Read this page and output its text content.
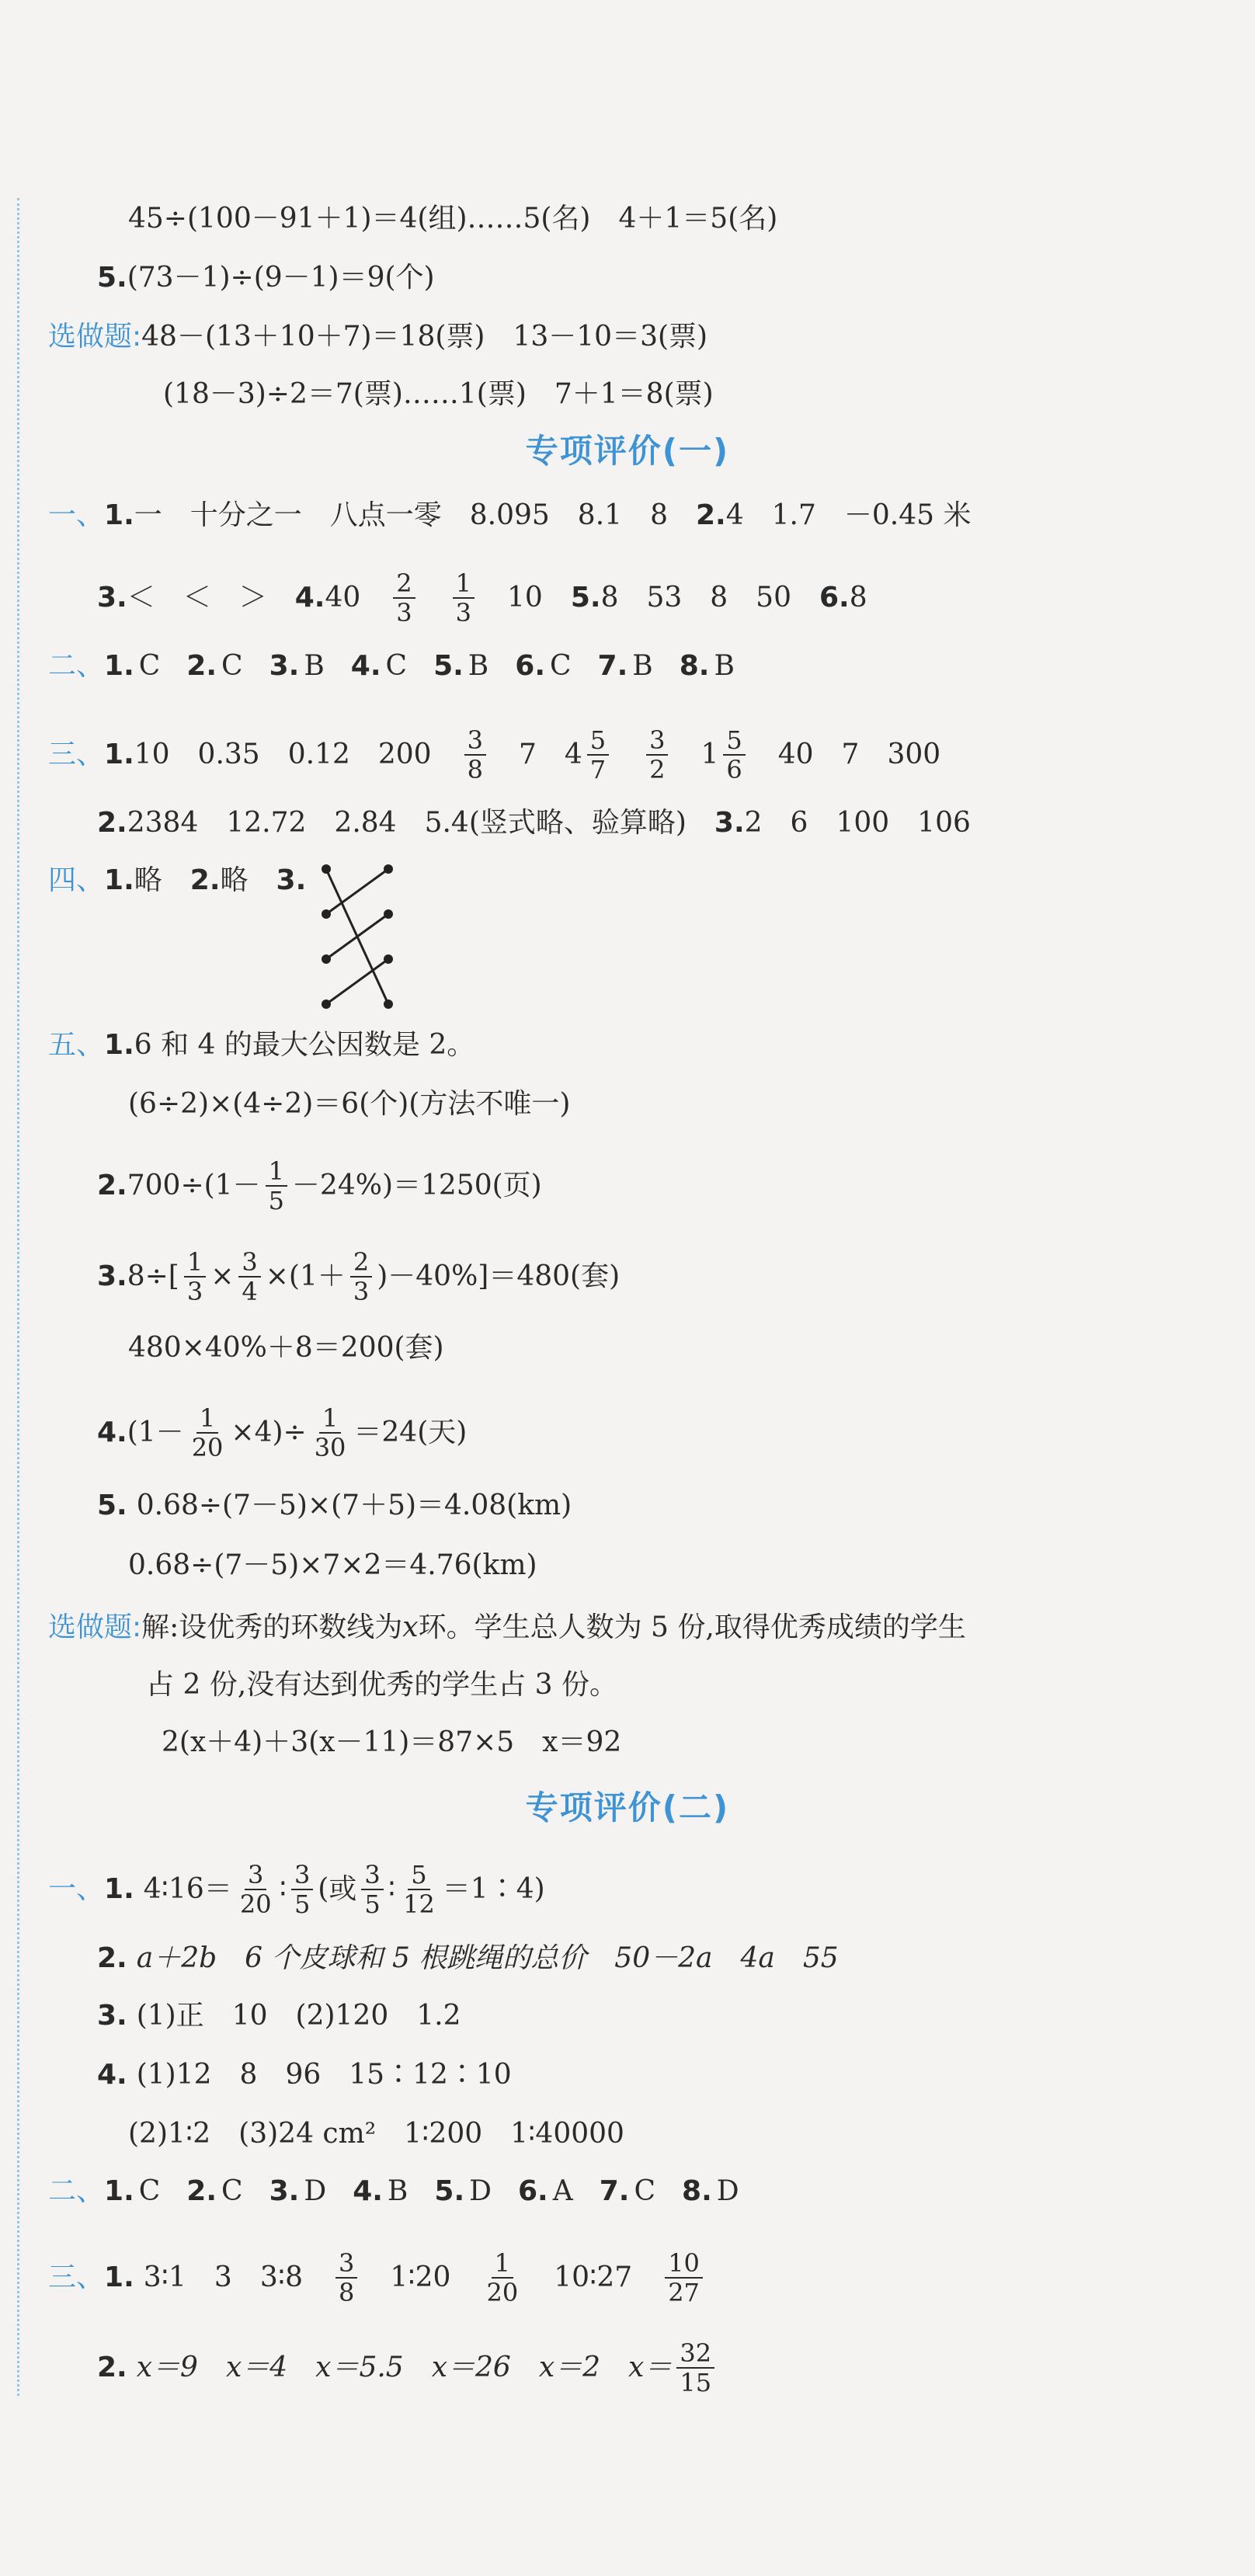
45÷(100－91＋1)＝4(组)……5(名)　4＋1＝5(名)
5. (73－1)÷(9－1)＝9(个)
选做题: 48－(13＋10＋7)＝18(票)　13－10＝3(票)
(18－3)÷2＝7(票)……1(票)　7＋1＝8(票)
专项评价(一)
一、 1. 一　十分之一　八点一零　8.095　8.1　8 2. 4　1.7　－0.45 米
3. ＜　＜　＞ 4. $40 \frac{2}{3} \frac{1}{3} 10$ 5. 8　53　8　50 6. 8
二、 1. C 2. C 3. B 4. C 5. B 6. C 7. B 8. B
三、 1. 10　0.35　0.12　$200 \frac{3}{8} 7$　$4 \frac{5}{7} \frac{3}{2} 1 \frac{5}{6} 40$　7　300
2. 2384　12.72　2.84　5.4(竖式略、验算略) 3. 2　6　100　106
四、 1. 略 2. 略 3.
五、 1. 6 和 4 的最大公因数是 2。
(6÷2)×(4÷2)＝6(个)(方法不唯一)
2. $700\div(1- \frac{1}{5} -24\%)=1250$(页)
3. $8\div[ \frac{1}{3} \times \frac{3}{4} \times(1+ \frac{2}{3} )-40\%]=480$(套)
480×40%＋8＝200(套)
4. $(1- \frac{1}{20} \times 4)\div \frac{1}{30} =24$(天)
5. 0.68÷(7－5)×(7＋5)＝4.08(km)
0.68÷(7－5)×7×2＝4.76(km)
选做题: 解:设优秀的环数线为 x 环。学生总人数为 5 份,取得优秀成绩的学生
占 2 份,没有达到优秀的学生占 3 份。
2(x＋4)＋3(x－11)＝87×5　x＝92
专项评价(二)
一、 1. 4∶16＝ $\frac{3}{20}$ ∶ $\frac{3}{5}$ (或 $\frac{3}{5}$ ∶ $\frac{5}{12}$ ＝1∶4)
2. a＋2b　6 个皮球和 5 根跳绳的总价　50－2a　4a　55
3. (1)正　10　(2)120　1.2
4. (1)12　8　96　15∶12∶10
(2)1∶2　(3)24 cm²　1∶200　1∶40000
二、 1. C 2. C 3. D 4. B 5. D 6. A 7. C 8. D
三、 1. 3∶1　3　3∶8 $\frac{3}{8}$ 1∶20 $\frac{1}{20}$ 10∶27 $\frac{10}{27}$
2. x＝9　x＝4　x＝5.5　x＝26　x＝2　$x= \frac{32}{15}$
